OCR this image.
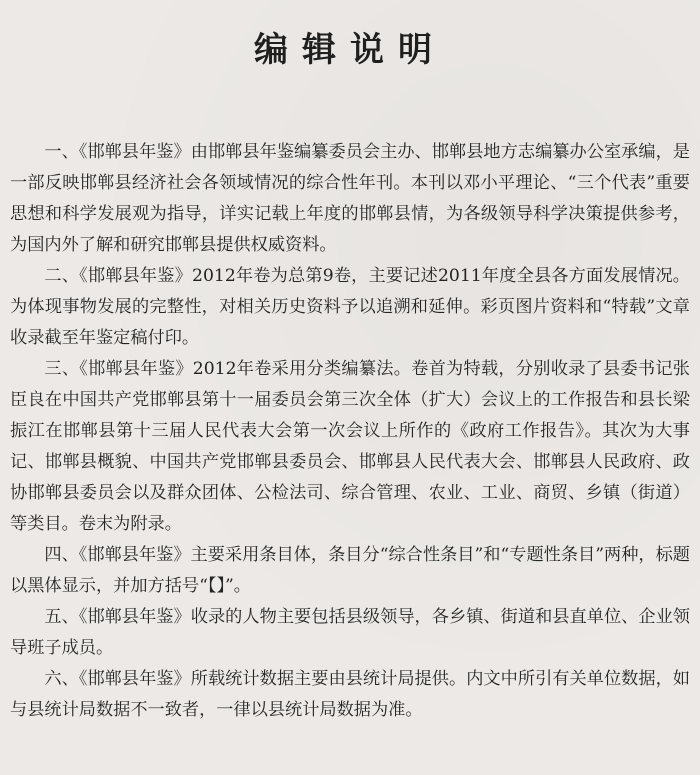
编辑说明

一、《邯郸县年鉴》由邯郸县年鉴编纂委员会主办、邯郸县地方志编纂办公室承编，是一部反映邯郸县经济社会各领域情况的综合性年刊。本刊以邓小平理论、“三个代表”重要思想和科学发展观为指导，详实记载上年度的邯郸县情，为各级领导科学决策提供参考，为国内外了解和研究邯郸县提供权威资料。

二、《邯郸县年鉴》2012年卷为总第9卷，主要记述2011年度全县各方面发展情况。为体现事物发展的完整性，对相关历史资料予以追溯和延伸。彩页图片资料和“特载”文章收录截至年鉴定稿付印。

三、《邯郸县年鉴》2012年卷采用分类编纂法。卷首为特载，分别收录了县委书记张臣良在中国共产党邯郸县第十一届委员会第三次全体（扩大）会议上的工作报告和县长梁振江在邯郸县第十三届人民代表大会第一次会议上所作的《政府工作报告》。其次为大事记、邯郸县概貌、中国共产党邯郸县委员会、邯郸县人民代表大会、邯郸县人民政府、政协邯郸县委员会以及群众团体、公检法司、综合管理、农业、工业、商贸、乡镇（街道）等类目。卷末为附录。

四、《邯郸县年鉴》主要采用条目体，条目分“综合性条目”和“专题性条目”两种，标题以黑体显示，并加方括号“【】”。

五、《邯郸县年鉴》收录的人物主要包括县级领导，各乡镇、街道和县直单位、企业领导班子成员。

六、《邯郸县年鉴》所载统计数据主要由县统计局提供。内文中所引有关单位数据，如与县统计局数据不一致者，一律以县统计局数据为准。
